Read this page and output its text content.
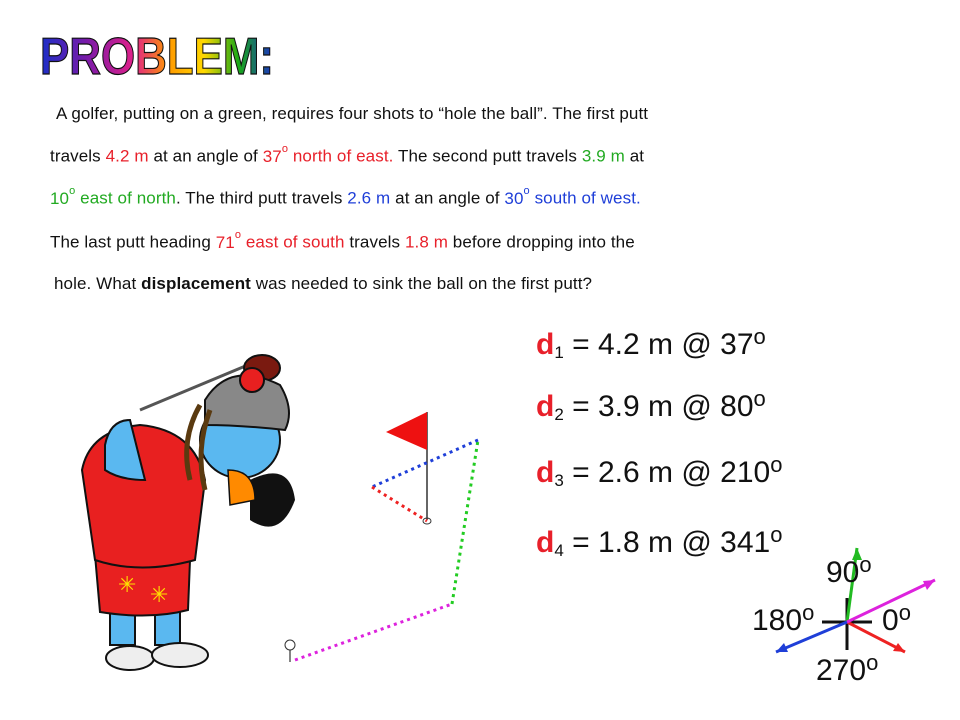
PROBLEM:
A golfer, putting on a green, requires four shots to “hole the ball”. The first putt
travels 4.2 m at an angle of 37$^o$ north of east. The second putt travels 3.9 m at
10$^o$ east of north. The third putt travels 2.6 m at an angle of 30$^o$ south of west.
The last putt heading 71$^o$ east of south travels 1.8 m before dropping into the
hole. What displacement was needed to sink the ball on the first putt?
$d_1 = 4.2$ m @ 37$^o$
$d_2 = 3.9$ m @ 80$^o$
$d_3 = 2.6$ m @ 210$^o$
$d_4 = 1.8$ m @ 341$^o$
✳ ✳
90$^o$
180$^o$ 0$^o$
270$^o$
